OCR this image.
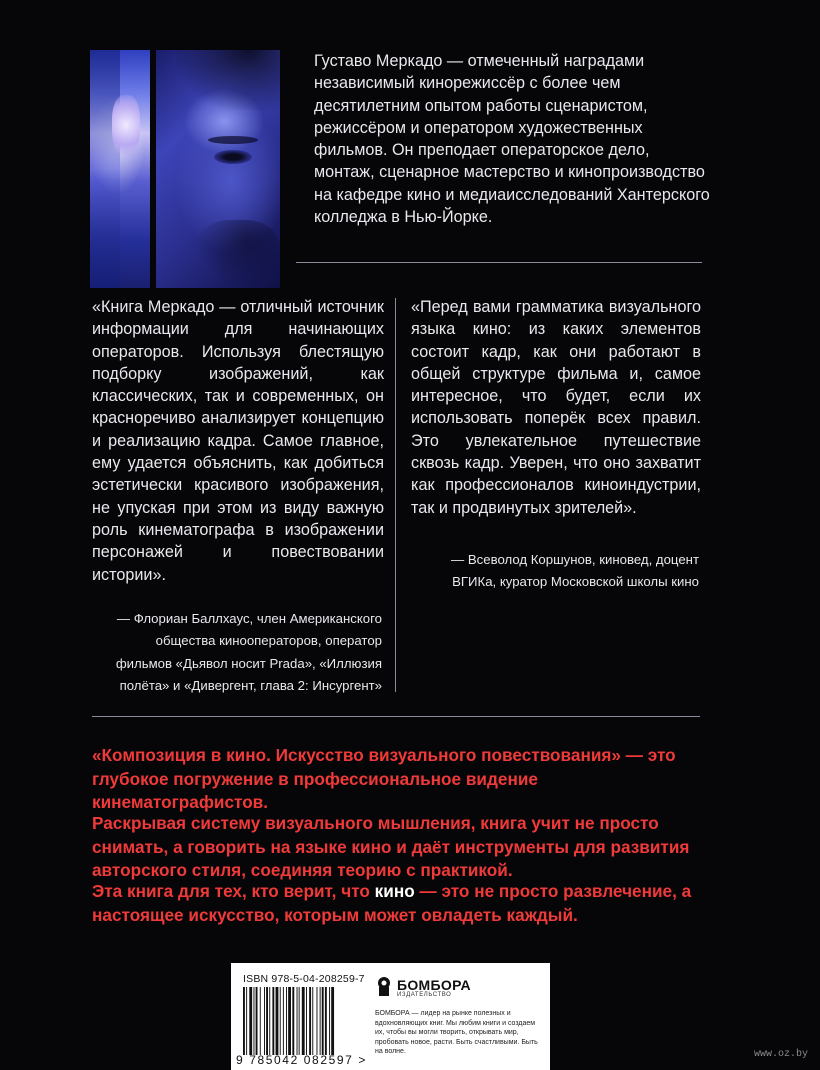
Густаво Меркадо — отмеченный наградами независимый кинорежиссёр с более чем десятилетним опытом работы сценаристом, режиссёром и оператором художественных фильмов. Он преподает операторское дело, монтаж, сценарное мастерство и кинопроизводство на кафедре кино и медиаисследований Хантерского колледжа в Нью-Йорке.

«Книга Меркадо — отличный источник информации для начинающих операторов. Используя блестящую подборку изображений, как классических, так и современных, он красноречиво анализирует концепцию и реализацию кадра. Самое главное, ему удается объяснить, как добиться эстетически красивого изображения, не упуская при этом из виду важную роль кинематографа в изображении персонажей и повествовании истории».

«Перед вами грамматика визуального языка кино: из каких элементов состоит кадр, как они работают в общей структуре фильма и, самое интересное, что будет, если их использовать поперёк всех правил. Это увлекательное путешествие сквозь кадр. Уверен, что оно захватит как профессионалов киноиндустрии, так и продвинутых зрителей».

— Флориан Баллхаус, член Американского
общества кинооператоров, оператор
фильмов «Дьявол носит Prada», «Иллюзия
полёта» и «Дивергент, глава 2: Инсургент»
— Всеволод Коршунов, киновед, доцент
ВГИКа, куратор Московской школы кино

«Композиция в кино. Искусство визуального повествования» — это глубокое погружение в профессиональное видение кинематографистов.

Раскрывая систему визуального мышления, книга учит не просто снимать, а говорить на языке кино и даёт инструменты для развития авторского стиля, соединяя теорию с практикой.

Эта книга для тех, кто верит, что кино — это не просто развлечение, а настоящее искусство, которым может овладеть каждый.

ISBN 978-5-04-208259-7
9 785042 082597 >
БОМБОРА
ИЗДАТЕЛЬСТВО

БОМБОРА — лидер на рынке полезных и вдохновляющих книг. Мы любим книги и создаем их, чтобы вы могли творить, открывать мир, пробовать новое, расти. Быть счастливыми. Быть на волне.	www.oz.by
